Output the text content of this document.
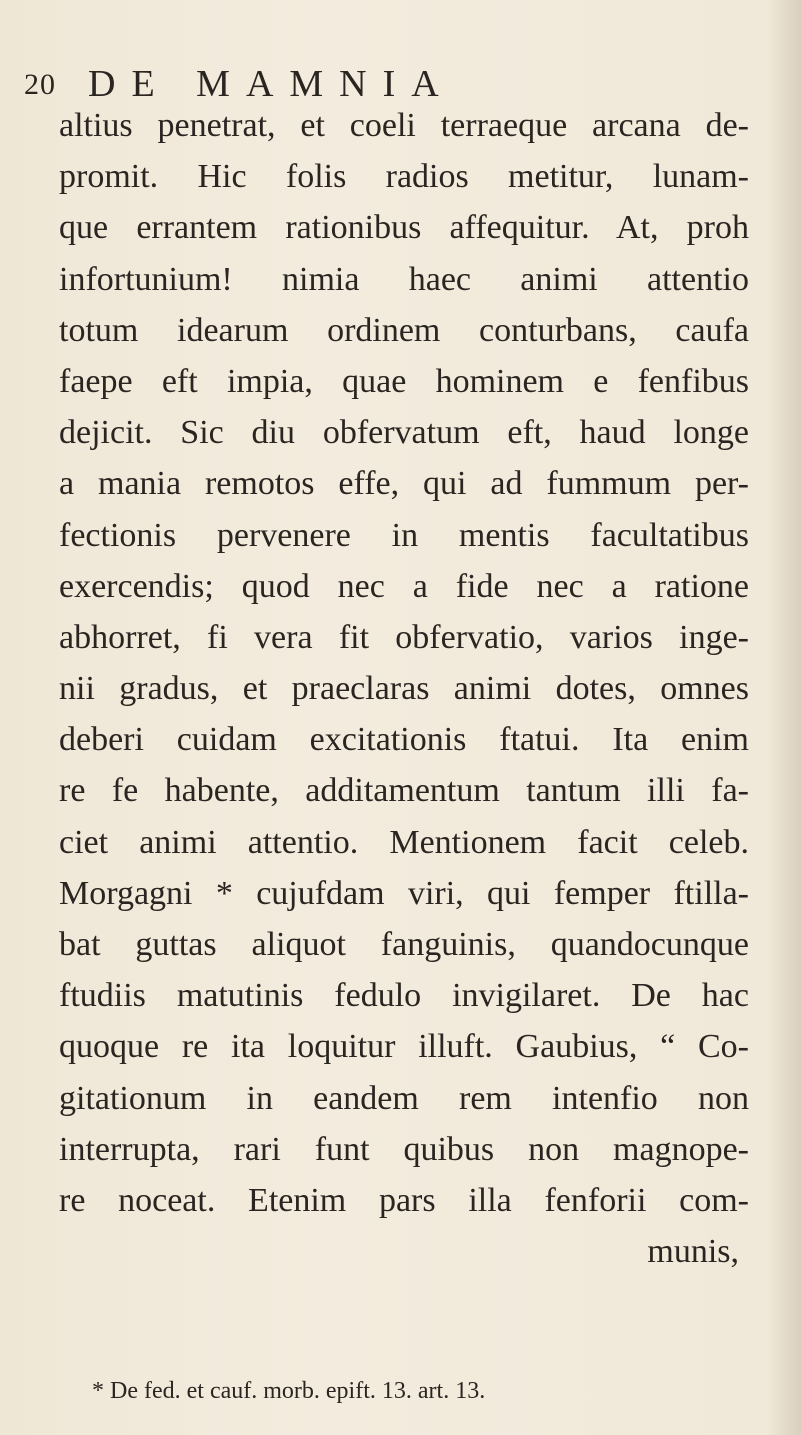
20 DE MAMNIA
altius penetrat, et coeli terraeque arcana de-
promit. Hic folis radios metitur, lunam-
que errantem rationibus affequitur. At, proh
infortunium! nimia haec animi attentio
totum idearum ordinem conturbans, caufa
faepe eft impia, quae hominem e fenfibus
dejicit. Sic diu obfervatum eft, haud longe
a mania remotos effe, qui ad fummum per-
fectionis pervenere in mentis facultatibus
exercendis; quod nec a fide nec a ratione
abhorret, fi vera fit obfervatio, varios inge-
nii gradus, et praeclaras animi dotes, omnes
deberi cuidam excitationis ftatui. Ita enim
re fe habente, additamentum tantum illi fa-
ciet animi attentio. Mentionem facit celeb.
Morgagni * cujufdam viri, qui femper ftilla-
bat guttas aliquot fanguinis, quandocunque
ftudiis matutinis fedulo invigilaret. De hac
quoque re ita loquitur illuft. Gaubius, “ Co-
gitationum in eandem rem intenfio non
interrupta, rari funt quibus non magnope-
re noceat. Etenim pars illa fenforii com-
munis,
* De fed. et cauf. morb. epift. 13. art. 13.
